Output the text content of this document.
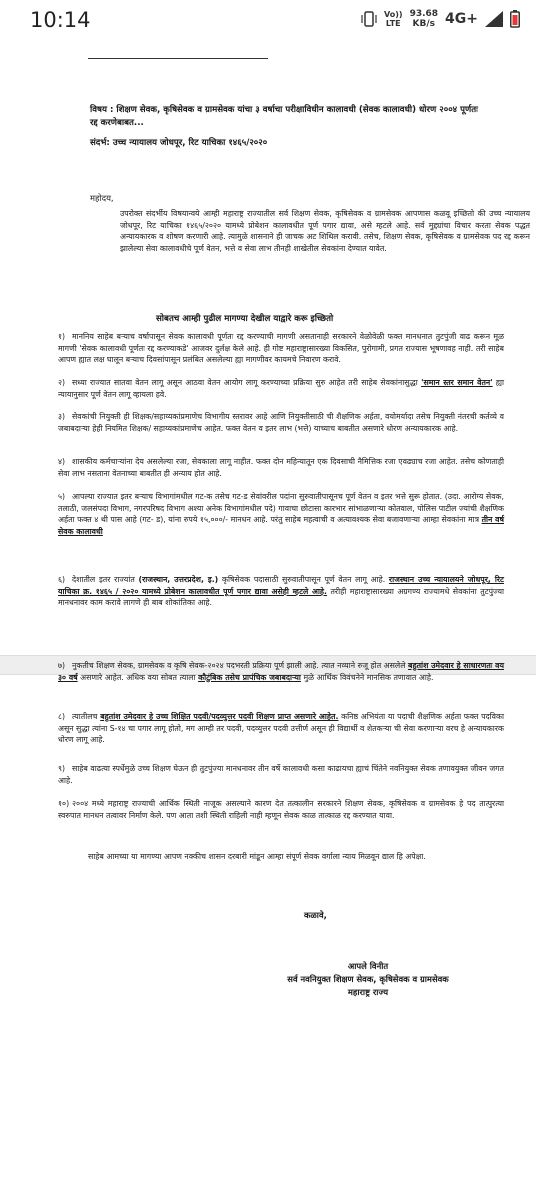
10:14	Vo))
LTE
93.68
KB/s 4G+
विषय : शिक्षण सेवक, कृषिसेवक व ग्रामसेवक यांचा ३ वर्षाचा परीक्षाविधीन कालावधी (सेवक कालावधी) धोरण २००४ पूर्णतः रद्द करणेबाबत...
संदर्भ: उच्च न्यायालय जोधपूर, रिट याचिका १४६५/२०२०
महोदय,
उपरोक्त संदर्भीय विषयान्वये आम्ही महाराष्ट्र राज्यातील सर्व शिक्षण सेवक, कृषिसेवक व ग्रामसेवक आपणास कळवू इच्छितो की उच्च न्यायालय जोधपूर, रिट याचिका १४६५/२०२० यामध्ये प्रोबेशन कालावधीत पूर्ण पगार द्यावा, असे म्हटले आहे. सर्व मुद्द्यांचा विचार करता सेवक पद्धत अन्यायकारक व शोषण करणारी आहे. त्यामुळे शासनाने ही जाचक अट शिथिल करावी. तसेच, शिक्षण सेवक, कृषिसेवक व ग्रामसेवक पद रद्द करून झालेल्या सेवा कालावधीचे पूर्ण वेतन, भत्ते व सेवा लाभ तीनही शाखेतील सेवकांना देण्यात यावेत.
सोबतच आम्ही पुढील मागण्या देखील याद्वारे करू इच्छितो
१) माननिय साहेब बऱ्याच वर्षापासून सेवक कालावधी पूर्णतः रद्द करण्याची मागणी असतानाही सरकारने वेळोवेळी फक्त मानधनात तुटपुंजी वाढ करून मूळ मागणी 'सेवक कालावधी पूर्णतः रद्द करण्याकडे' आजवर दुर्लक्ष केले आहे. ही गोष्ट महाराष्ट्रासारख्या विकसित, पुरोगामी, प्रगत राज्यास भूषणावह नाही. तरी साहेब आपण ह्यात लक्ष घालून बऱ्याच दिवसांपासून प्रलंबित असलेल्या ह्या मागणीवर कायमचे निवारण करावे.
२) सध्या राज्यात सातवा वेतन लागू असून आठवा वेतन आयोग लागू करण्याच्या प्रक्रिया सुरु आहेत तरी साहेब सेवकांनासुद्धा 'समान स्तर समान वेतन' ह्या न्यायानुसार पूर्ण वेतन लागू व्हायला हवे.
३) सेवकांची नियुक्ती ही शिक्षक/सहाय्यकांप्रमाणेच विभागीय स्तरावर आहे आणि नियुक्तीसाठी ची शैक्षणिक अर्हता, वयोमर्यादा तसेच नियुक्ती नंतरची कर्तव्ये व जबाबदाऱ्या हेही नियमित शिक्षक/ सहाय्यकांप्रमाणेच आहेत. फक्त वेतन व इतर लाभ (भत्ते) याच्याच बाबतीत असणारे धोरण अन्यायकारक आहे.
४) शासकीय कर्मचाऱ्यांना देय असलेल्या रजा, सेवकाला लागू नाहीत. फक्त दोन महिन्यातून एक दिवसाची नैमित्तिक रजा एवढ्याच रजा आहेत. तसेच कोणताही सेवा लाभ नसताना वेतनाच्या बाबतीत ही अन्याय होत आहे.
५) आपल्या राज्यात इतर बऱ्याच विभागांमधील गट-क तसेच गट-ड सेवांवरील पदांना सुरुवातीपासूनच पूर्ण वेतन व इतर भत्ते सुरू होतात. (उदा. आरोग्य सेवक, तलाठी, जलसंपदा विभाग, नगरपरिषद विभाग अश्या अनेक विभागांमधील पदे) गावाचा छोटासा कारभार सांभाळणाऱ्या कोतवाल, पोलिस पाटील ज्यांची शैक्षणिक अर्हता फक्त ४ थी पास आहे (गट- ड), यांना रुपये १५,०००/- मानधन आहे. परंतु साहेब महत्वाची व अत्यावश्यक सेवा बजावणाऱ्या आम्हा सेवकांना मात्र तीन वर्ष सेवक कालावधी
६) देशातील इतर राज्यांत (राजस्थान, उत्तरप्रदेश, इ.) कृषिसेवक पदासाठी सुरुवातीपासून पूर्ण वेतन लागू आहे. राजस्थान उच्च न्यायालयने जोधपूर, रिट याचिका क्र. १४६५ / २०२० यामध्ये प्रोबेशन कालावधीत पूर्ण पगार द्यावा असेही म्हटले आहे. तरीही महाराष्ट्रासारख्या अग्रगण्य राज्यामधे सेवकांना तुटपुंज्या मानधनावर काम करावे लागणे ही बाब शोकांतिका आहे.
७) नुकतीच शिक्षण सेवक, ग्रामसेवक व कृषि सेवक-२०२४ पदभरती प्रक्रिया पूर्ण झाली आहे. त्यात नव्याने रुजू होत असलेले बहुतांश उमेदवार हे साधारणतः वय ३० वर्ष असणारे आहेत. अधिक वया सोबत त्याला कौटुंबिक तसेच प्रापंचिक जबाबदाऱ्या मुळे आर्थिक विवंचनेने मानसिक तणावात आहे.
८) त्यातीलच बहुतांश उमेदवार हे उच्च शिक्षित पदवी/पदव्युत्तर पदवी शिक्षण प्राप्त असणारे आहेत. कनिष्ठ अभियंता या पदाची शैक्षणिक अर्हता फक्त पदविका असून सुद्धा त्यांना S-१४ चा पगार लागू होतो, मग आम्ही तर पदवी, पदव्युत्तर पदवी उत्तीर्ण असून ही विद्यार्थी व शेतकऱ्या ची सेवा करणाऱ्या वरच हे अन्यायकारक धोरण लागू आहे.
९) साहेब वाढत्या स्पर्धेमुळे उच्च शिक्षण घेऊन ही तुटपुंज्या मानधनावर तीन वर्षे कालावधी कसा काढायचा ह्याचं चिंतेने नवनियुक्त सेवक तणावयुक्त जीवन जगत आहे.
१०) २००४ मध्ये महाराष्ट्र राज्याची आर्थिक स्थिती नाजूक असल्याने कारण देत तत्कालीन सरकारने शिक्षण सेवक, कृषिसेवक व ग्रामसेवक हे पद तात्पुरत्या स्वरुपात मानधन तत्वावर निर्माण केले. पण आता तशी स्थिती राहिली नाही म्हणून सेवक काळ तात्काळ रद्द करण्यात यावा.
साहेब आमच्या या मागण्या आपण नक्कीच शासन दरबारी मांडून आम्हा संपूर्ण सेवक वर्गाला न्याय मिळवून द्याल हि अपेक्षा.
कळावे,
आपले विनीत
सर्व नवनियुक्त शिक्षण सेवक, कृषिसेवक व ग्रामसेवक
महाराष्ट्र राज्य
